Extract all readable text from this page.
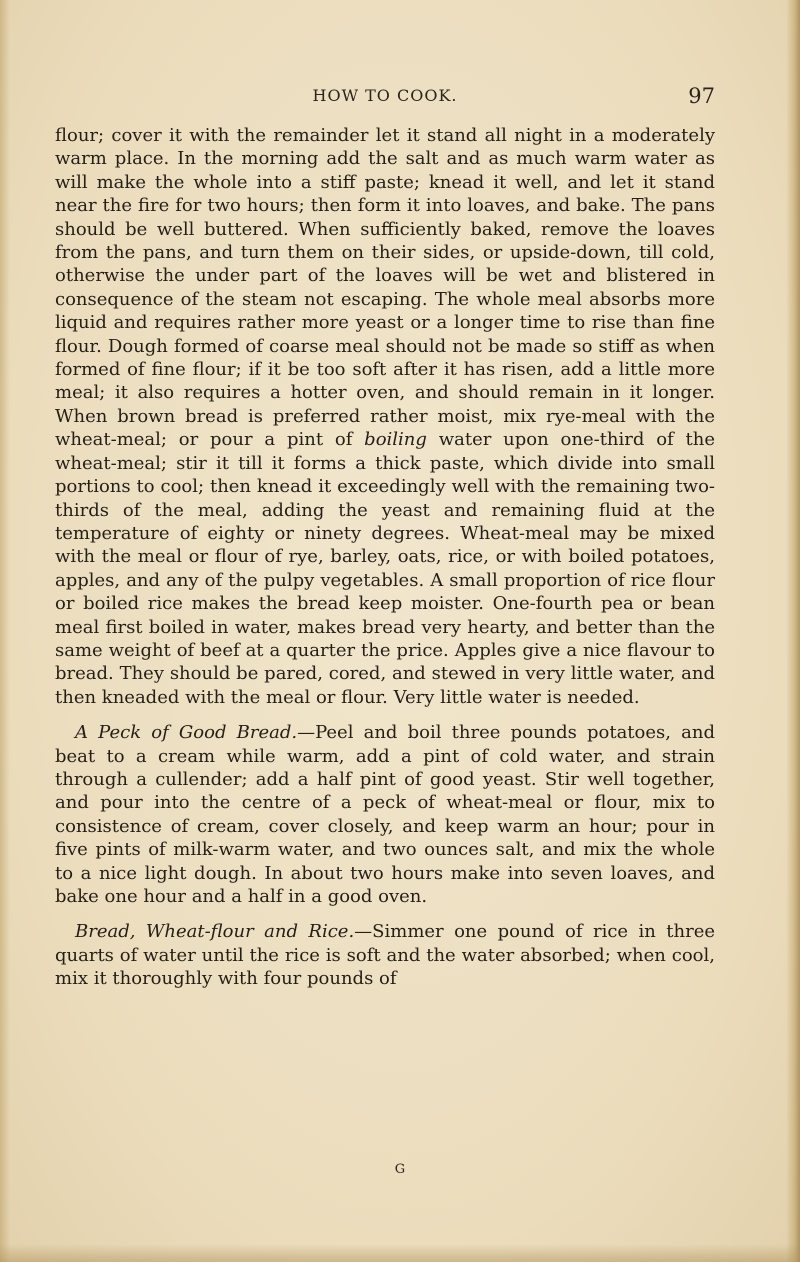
HOW TO COOK.	97

flour; cover it with the remainder let it stand all night in a moderately warm place. In the morning add the salt and as much warm water as will make the whole into a stiff paste; knead it well, and let it stand near the fire for two hours; then form it into loaves, and bake. The pans should be well buttered. When sufficiently baked, remove the loaves from the pans, and turn them on their sides, or upside-down, till cold, otherwise the under part of the loaves will be wet and blistered in consequence of the steam not escaping. The whole meal absorbs more liquid and requires rather more yeast or a longer time to rise than fine flour. Dough formed of coarse meal should not be made so stiff as when formed of fine flour; if it be too soft after it has risen, add a little more meal; it also requires a hotter oven, and should remain in it longer. When brown bread is preferred rather moist, mix rye-meal with the wheat-meal; or pour a pint of boiling water upon one-third of the wheat-meal; stir it till it forms a thick paste, which divide into small portions to cool; then knead it exceedingly well with the remaining two-thirds of the meal, adding the yeast and remaining fluid at the temperature of eighty or ninety degrees. Wheat-meal may be mixed with the meal or flour of rye, barley, oats, rice, or with boiled potatoes, apples, and any of the pulpy vegetables. A small proportion of rice flour or boiled rice makes the bread keep moister. One-fourth pea or bean meal first boiled in water, makes bread very hearty, and better than the same weight of beef at a quarter the price. Apples give a nice flavour to bread. They should be pared, cored, and stewed in very little water, and then kneaded with the meal or flour. Very little water is needed.

A Peck of Good Bread.—Peel and boil three pounds potatoes, and beat to a cream while warm, add a pint of cold water, and strain through a cullender; add a half pint of good yeast. Stir well together, and pour into the centre of a peck of wheat-meal or flour, mix to consistence of cream, cover closely, and keep warm an hour; pour in five pints of milk-warm water, and two ounces salt, and mix the whole to a nice light dough. In about two hours make into seven loaves, and bake one hour and a half in a good oven.

Bread, Wheat-flour and Rice.—Simmer one pound of rice in three quarts of water until the rice is soft and the water absorbed; when cool, mix it thoroughly with four pounds of

G
